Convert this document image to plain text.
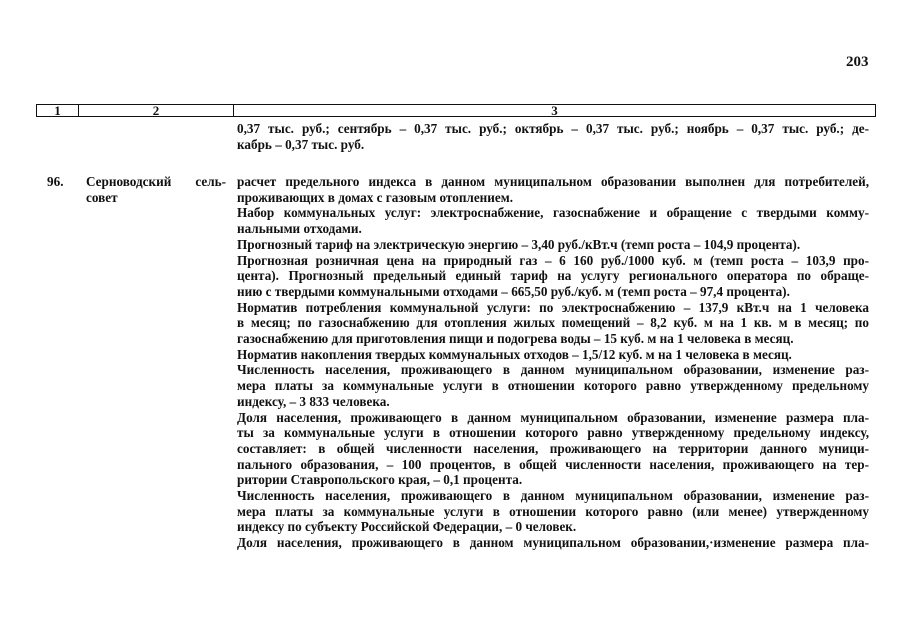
203
1	2	3
0,37 тыс. руб.; сентябрь – 0,37 тыс. руб.; октябрь – 0,37 тыс. руб.; ноябрь – 0,37 тыс. руб.; де-
кабрь – 0,37 тыс. руб.
96. Серноводский сель-
совет
расчет предельного индекса в данном муниципальном образовании выполнен для потребителей,
проживающих в домах с газовым отоплением.
Набор коммунальных услуг: электроснабжение, газоснабжение и обращение с твердыми комму-
нальными отходами.
Прогнозный тариф на электрическую энергию – 3,40 руб./кВт.ч (темп роста – 104,9 процента).
Прогнозная розничная цена на природный газ – 6 160 руб./1000 куб. м (темп роста – 103,9 про-
цента). Прогнозный предельный единый тариф на услугу регионального оператора по обраще-
нию с твердыми коммунальными отходами – 665,50 руб./куб. м (темп роста – 97,4 процента).
Норматив потребления коммунальной услуги: по электроснабжению – 137,9 кВт.ч на 1 человека
в месяц; по газоснабжению для отопления жилых помещений – 8,2 куб. м на 1 кв. м в месяц; по
газоснабжению для приготовления пищи и подогрева воды – 15 куб. м на 1 человека в месяц.
Норматив накопления твердых коммунальных отходов – 1,5/12 куб. м на 1 человека в месяц.
Численность населения, проживающего в данном муниципальном образовании, изменение раз-
мера платы за коммунальные услуги в отношении которого равно утвержденному предельному
индексу, – 3 833 человека.
Доля населения, проживающего в данном муниципальном образовании, изменение размера пла-
ты за коммунальные услуги в отношении которого равно утвержденному предельному индексу,
составляет: в общей численности населения, проживающего на территории данного муници-
пального образования, – 100 процентов, в общей численности населения, проживающего на тер-
ритории Ставропольского края, – 0,1 процента.
Численность населения, проживающего в данном муниципальном образовании, изменение раз-
мера платы за коммунальные услуги в отношении которого равно (или менее) утвержденному
индексу по субъекту Российской Федерации, – 0 человек.
Доля населения, проживающего в данном муниципальном образовании,·изменение размера пла-
